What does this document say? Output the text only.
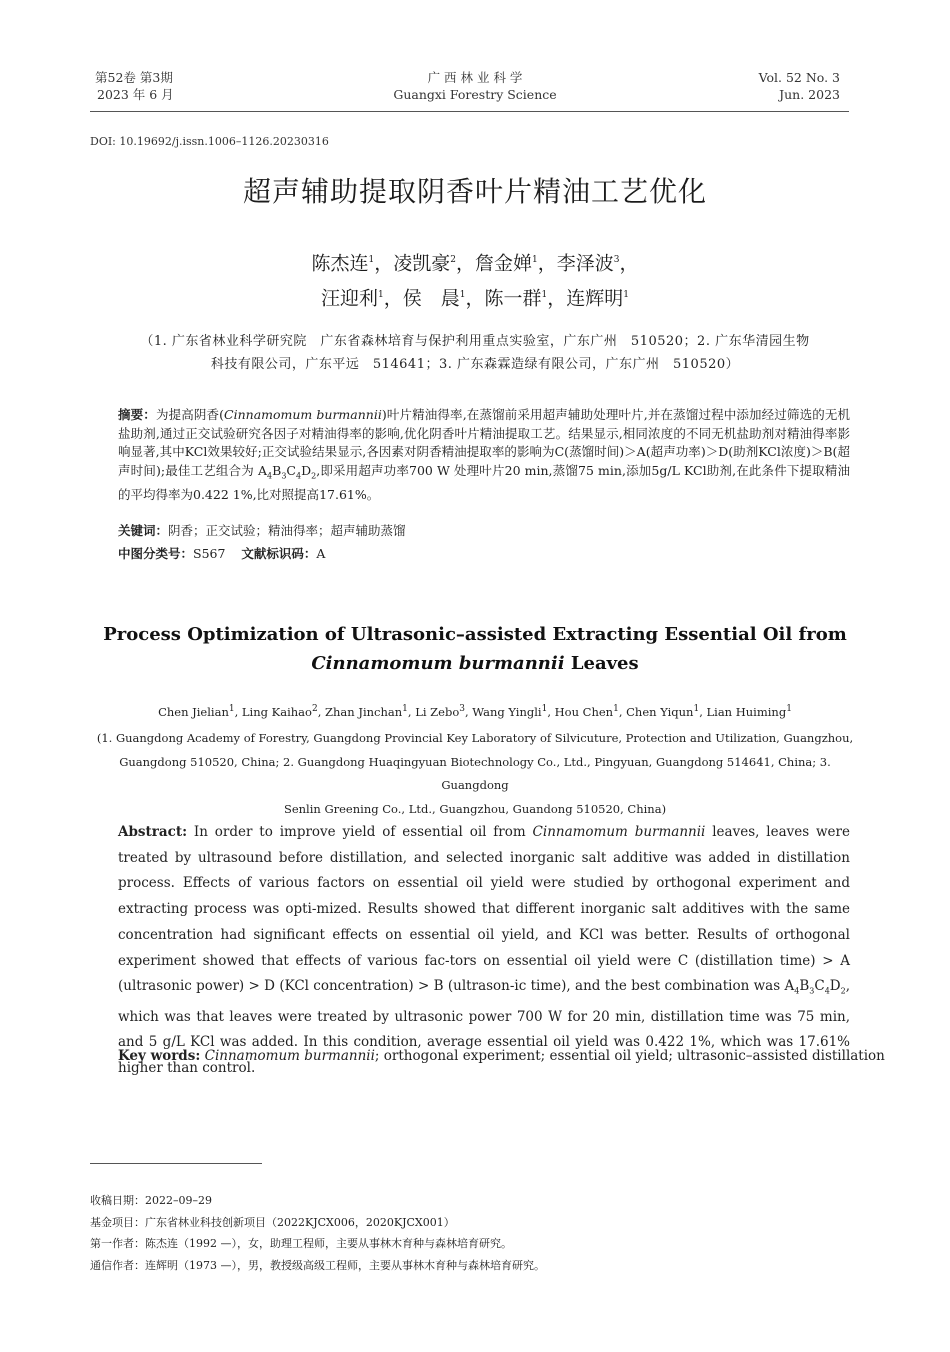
第52卷 第3期
2023 年 6 月
广 西 林 业 科 学
Guangxi Forestry Science
Vol. 52 No. 3
Jun. 2023
DOI: 10.19692/j.issn.1006–1126.20230316
超声辅助提取阴香叶片精油工艺优化
陈杰连$^1$，凌凯豪$^2$，詹金婵$^1$，李泽波$^3$，
汪迎利$^1$，侯　晨$^1$，陈一群$^1$，连辉明$^1$
（1. 广东省林业科学研究院　广东省森林培育与保护利用重点实验室，广东广州　510520；2. 广东华清园生物
科技有限公司，广东平远　514641；3. 广东森霖造绿有限公司，广东广州　510520）
摘要：为提高阴香(Cinnamomum burmannii)叶片精油得率,在蒸馏前采用超声辅助处理叶片,并在蒸馏过程中添加经过筛选的无机盐助剂,通过正交试验研究各因子对精油得率的影响,优化阴香叶片精油提取工艺。结果显示,相同浓度的不同无机盐助剂对精油得率影响显著,其中KCl效果较好;正交试验结果显示,各因素对阴香精油提取率的影响为C(蒸馏时间)＞A(超声功率)＞D(助剂KCl浓度)＞B(超声时间);最佳工艺组合为 $A_4B_3C_4D_2$,即采用超声功率700 W 处理叶片20 min,蒸馏75 min,添加5g/L KCl助剂,在此条件下提取精油的平均得率为0.422 1%,比对照提高17.61%。
关键词：阴香；正交试验；精油得率；超声辅助蒸馏
中图分类号：S567 文献标识码：A
Process Optimization of Ultrasonic–assisted Extracting Essential Oil from
Cinnamomum burmannii Leaves
Chen Jielian$^1$, Ling Kaihao$^2$, Zhan Jinchan$^1$, Li Zebo$^3$, Wang Yingli$^1$, Hou Chen$^1$, Chen Yiqun$^1$, Lian Huiming$^1$
(1. Guangdong Academy of Forestry, Guangdong Provincial Key Laboratory of Silvicuture, Protection and Utilization, Guangzhou,
Guangdong 510520, China; 2. Guangdong Huaqingyuan Biotechnology Co., Ltd., Pingyuan, Guangdong 514641, China; 3. Guangdong
Senlin Greening Co., Ltd., Guangzhou, Guandong 510520, China)
Abstract: In order to improve yield of essential oil from Cinnamomum burmannii leaves, leaves were treated by ultrasound before distillation, and selected inorganic salt additive was added in distillation process. Effects of various factors on essential oil yield were studied by orthogonal experiment and extracting process was opti-mized. Results showed that different inorganic salt additives with the same concentration had significant effects on essential oil yield, and KCl was better. Results of orthogonal experiment showed that effects of various fac-tors on essential oil yield were C (distillation time) > A (ultrasonic power) > D (KCl concentration) > B (ultrason-ic time), and the best combination was $A_4B_3C_4D_2$, which was that leaves were treated by ultrasonic power 700 W for 20 min, distillation time was 75 min, and 5 g/L KCl was added. In this condition, average essential oil yield was 0.422 1%, which was 17.61% higher than control.
Key words: Cinnamomum burmannii; orthogonal experiment; essential oil yield; ultrasonic–assisted distillation
收稿日期：2022–09–29
基金项目：广东省林业科技创新项目（2022KJCX006，2020KJCX001）
第一作者：陈杰连（1992 —），女，助理工程师，主要从事林木育种与森林培育研究。
通信作者：连辉明（1973 —），男，教授级高级工程师，主要从事林木育种与森林培育研究。
